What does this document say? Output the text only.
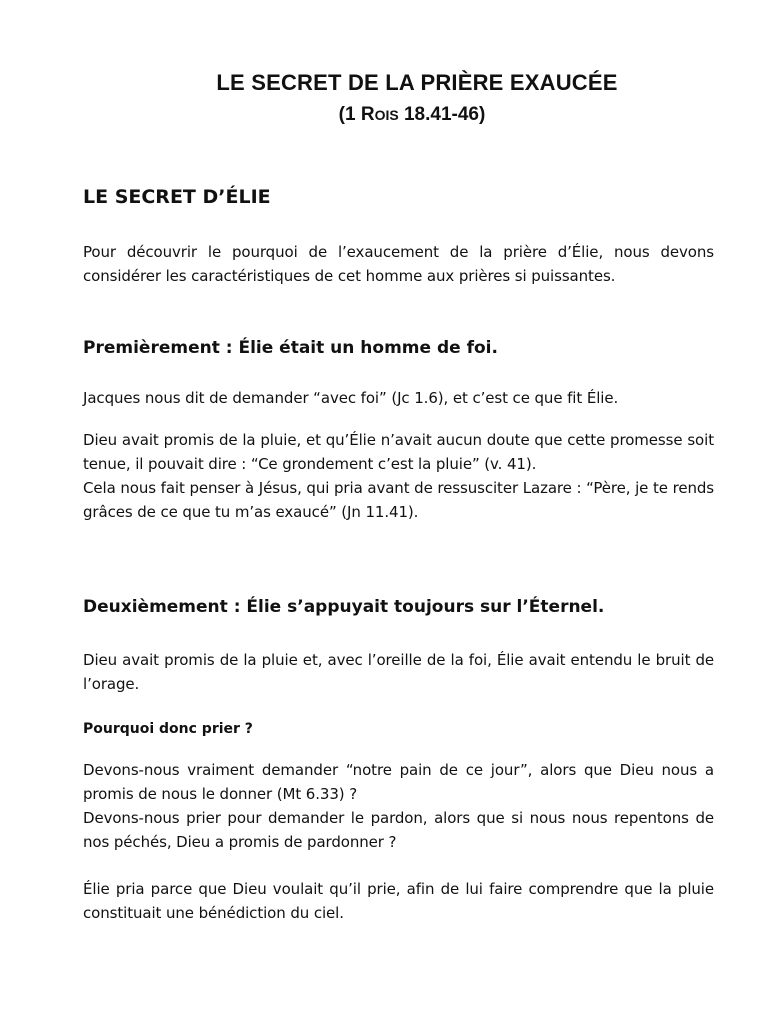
LE SECRET DE LA PRIÈRE EXAUCÉE
(1 ROIS 18.41-46)
LE SECRET D’ÉLIE

Pour découvrir le pourquoi de l’exaucement de la prière d’Élie, nous devons considérer les caractéristiques de cet homme aux prières si puissantes.

Premièrement : Élie était un homme de foi.

Jacques nous dit de demander “avec foi” (Jc 1.6), et c’est ce que fit Élie.

Dieu avait promis de la pluie, et qu’Élie n’avait aucun doute que cette promesse soit tenue, il pouvait dire : “Ce grondement c’est la pluie” (v. 41).

Cela nous fait penser à Jésus, qui pria avant de ressusciter Lazare : “Père, je te rends grâces de ce que tu m’as exaucé” (Jn 11.41).

Deuxièmement : Élie s’appuyait toujours sur l’Éternel.

Dieu avait promis de la pluie et, avec l’oreille de la foi, Élie avait entendu le bruit de l’orage.

Pourquoi donc prier ?

Devons-nous vraiment demander “notre pain de ce jour”, alors que Dieu nous a promis de nous le donner (Mt 6.33) ?

Devons-nous prier pour demander le pardon, alors que si nous nous repentons de nos péchés, Dieu a promis de pardonner ?

Élie pria parce que Dieu voulait qu’il prie, afin de lui faire comprendre que la pluie constituait une bénédiction du ciel.
